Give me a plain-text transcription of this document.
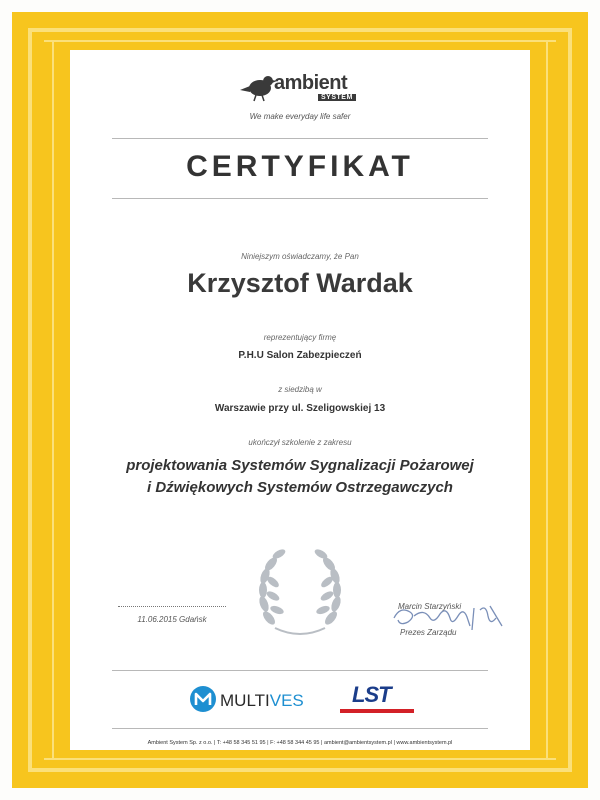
ambient
SYSTEM
We make everyday life safer
CERTYFIKAT
Niniejszym oświadczamy, że Pan
Krzysztof Wardak
reprezentujący firmę
P.H.U Salon Zabezpieczeń
z siedzibą w
Warszawie przy ul. Szeligowskiej 13
ukończył szkolenie z zakresu
projektowania Systemów Sygnalizacji Pożarowej
i Dźwiękowych Systemów Ostrzegawczych
11.06.2015 Gdańsk
Marcin Starzyński
Prezes Zarządu
MULTIVES LST
Ambient System Sp. z o.o. | T: +48 58 345 51 95 | F: +48 58 344 45 95 | ambient@ambientsystem.pl | www.ambientsystem.pl
